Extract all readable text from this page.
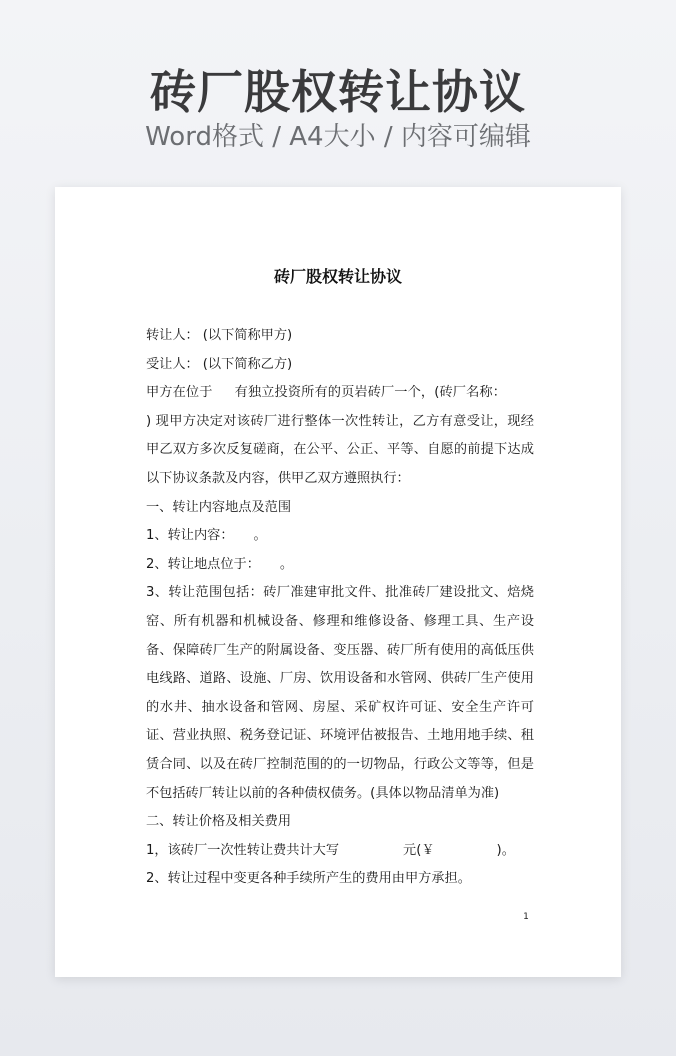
砖厂股权转让协议
Word格式 / A4大小 / 内容可编辑
砖厂股权转让协议

转让人： (以下简称甲方)

受让人： (以下简称乙方)

甲方在位于 有独立投资所有的页岩砖厂一个，(砖厂名称：) 现甲方决定对该砖厂进行整体一次性转让，乙方有意受让，现经甲乙双方多次反复磋商，在公平、公正、平等、自愿的前提下达成以下协议条款及内容，供甲乙双方遵照执行：

一、转让内容地点及范围

1、转让内容： 。

2、转让地点位于： 。

3、转让范围包括：砖厂准建审批文件、批准砖厂建设批文、焙烧窑、所有机器和机械设备、修理和维修设备、修理工具、生产设备、保障砖厂生产的附属设备、变压器、砖厂所有使用的高低压供电线路、道路、设施、厂房、饮用设备和水管网、供砖厂生产使用的水井、抽水设备和管网、房屋、采矿权许可证、安全生产许可证、营业执照、税务登记证、环境评估被报告、土地用地手续、租赁合同、以及在砖厂控制范围的的一切物品，行政公文等等，但是不包括砖厂转让以前的各种债权债务。(具体以物品清单为准)

二、转让价格及相关费用

1，该砖厂一次性转让费共计大写	元(￥	)。

2、转让过程中变更各种手续所产生的费用由甲方承担。

1
